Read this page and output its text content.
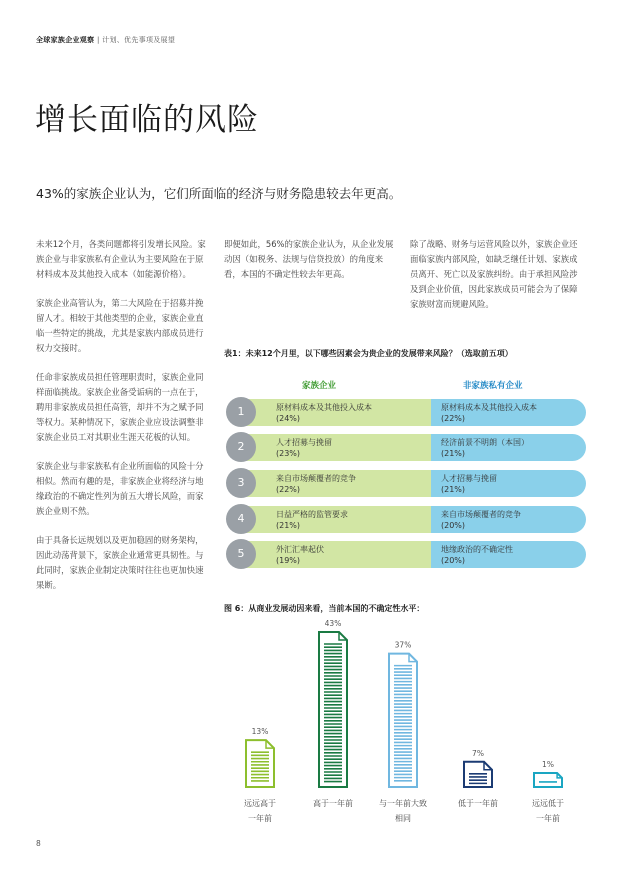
全球家族企业观察 | 计划、优先事项及展望
增长面临的风险
43%的家族企业认为，它们所面临的经济与财务隐患较去年更高。

未来12个月，各类问题都将引发增长风险。家族企业与非家族私有企业认为主要风险在于原材料成本及其他投入成本（如能源价格）。

家族企业高管认为，第二大风险在于招募并挽留人才。相较于其他类型的企业，家族企业直临一些特定的挑战，尤其是家族内部成员进行权力交接时。

任命非家族成员担任管理职责时，家族企业同样面临挑战。家族企业备受诟病的一点在于，聘用非家族成员担任高管，却并不为之赋予同等权力。某种情况下，家族企业应设法调整非家族企业员工对其职业生涯天花板的认知。

家族企业与非家族私有企业所面临的风险十分相似。然而有趣的是，非家族企业将经济与地缘政治的不确定性列为前五大增长风险，而家族企业则不然。

由于具备长远规划以及更加稳固的财务架构，因此动荡背景下，家族企业通常更具韧性。与此同时，家族企业制定决策时往往也更加快速果断。

即便如此，56%的家族企业认为，从企业发展动因（如税务、法规与信贷投放）的角度来看，本国的不确定性较去年更高。

除了战略、财务与运营风险以外，家族企业还面临家族内部风险，如缺乏继任计划、家族成员离开、死亡以及家族纠纷。由于承担风险涉及到企业价值，因此家族成员可能会为了保障家族财富而规避风险。

表1：未来12个月里，以下哪些因素会为贵企业的发展带来风险？（选取前五项）
家族企业	非家族私有企业
1	原材料成本及其他投入成本
(24%)
原材料成本及其他投入成本
(22%)
2	人才招募与挽留
(23%)
经济前景不明朗（本国）
(21%)
3	来自市场颠覆者的竞争
(22%)
人才招募与挽留
(21%)
4	日益严格的监管要求
(21%)
来自市场颠覆者的竞争
(20%)
5	外汇汇率起伏
(19%)
地缘政治的不确定性
(20%)
图 6：从商业发展动因来看，当前本国的不确定性水平：
13%
远远高于
一年前
43%
高于一年前
37%
与一年前大致
相同
7%
低于一年前
1%
远远低于
一年前
8
